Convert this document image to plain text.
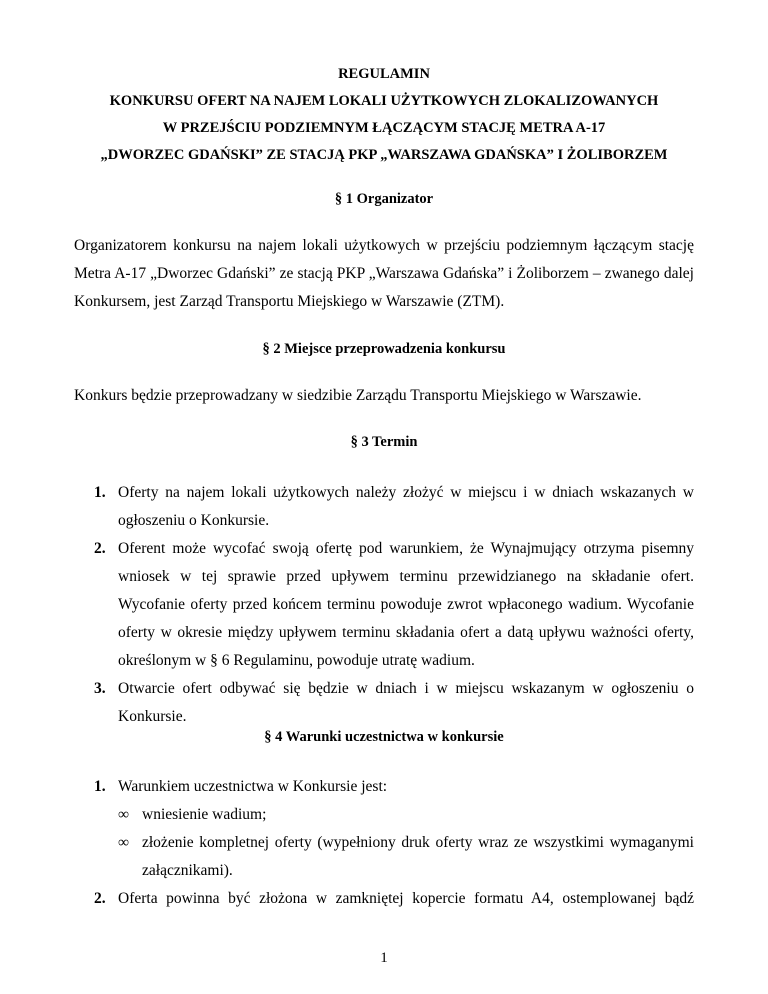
REGULAMIN
KONKURSU OFERT NA NAJEM LOKALI UŻYTKOWYCH ZLOKALIZOWANYCH
W PRZEJŚCIU PODZIEMNYM ŁĄCZĄCYM STACJĘ METRA A-17
„DWORZEC GDAŃSKI” ZE STACJĄ PKP „WARSZAWA GDAŃSKA” I ŻOLIBORZEM
§ 1 Organizator

Organizatorem konkursu na najem lokali użytkowych w przejściu podziemnym łączącym stację Metra A-17 „Dworzec Gdański” ze stacją PKP „Warszawa Gdańska” i Żoliborzem – zwanego dalej Konkursem, jest Zarząd Transportu Miejskiego w Warszawie (ZTM).

§ 2 Miejsce przeprowadzenia konkursu

Konkurs będzie przeprowadzany w siedzibie Zarządu Transportu Miejskiego w Warszawie.

§ 3 Termin
1. Oferty na najem lokali użytkowych należy złożyć w miejscu i w dniach wskazanych w ogłoszeniu o Konkursie.
2. Oferent może wycofać swoją ofertę pod warunkiem, że Wynajmujący otrzyma pisemny wniosek w tej sprawie przed upływem terminu przewidzianego na składanie ofert. Wycofanie oferty przed końcem terminu powoduje zwrot wpłaconego wadium. Wycofanie oferty w okresie między upływem terminu składania ofert a datą upływu ważności oferty, określonym w § 6 Regulaminu, powoduje utratę wadium.
3. Otwarcie ofert odbywać się będzie w dniach i w miejscu wskazanym w ogłoszeniu o Konkursie.
§ 4 Warunki uczestnictwa w konkursie
1. Warunkiem uczestnictwa w Konkursie jest:
∞ wniesienie wadium;
∞ złożenie kompletnej oferty (wypełniony druk oferty wraz ze wszystkimi wymaganymi załącznikami).
2. Oferta powinna być złożona w zamkniętej kopercie formatu A4, ostemplowanej bądź
1
